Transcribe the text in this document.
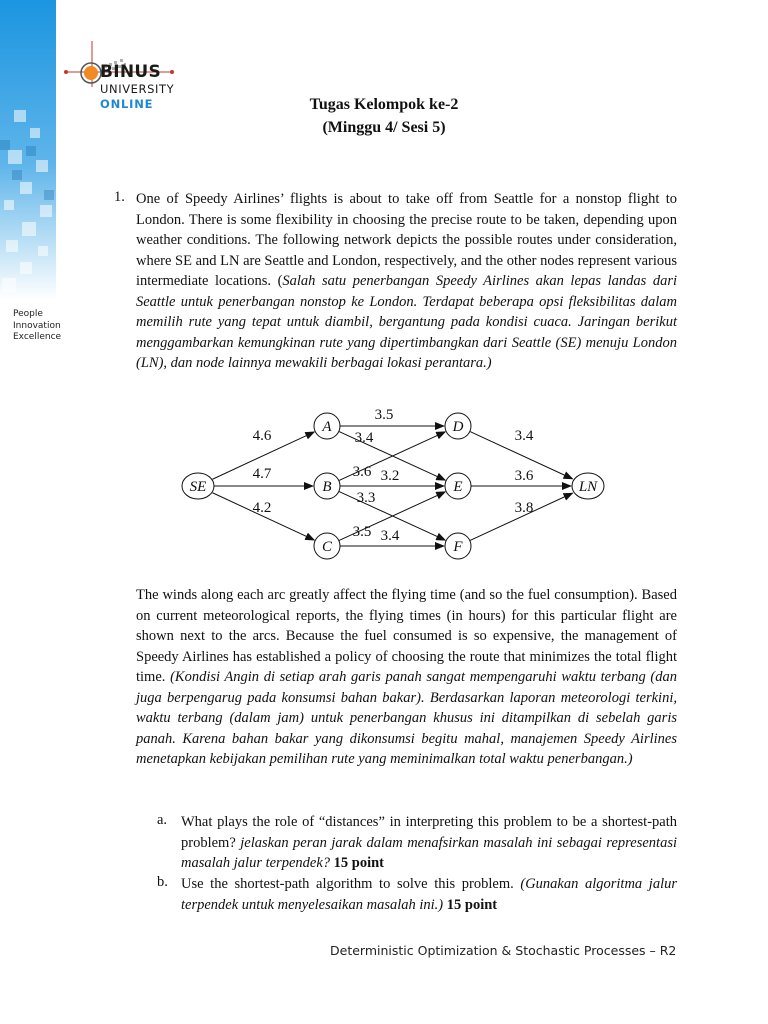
People
Innovation
Excellence
BINUS
UNIVERSITY
ONLINE	Tugas Kelompok ke-2
(Minggu 4/ Sesi 5)
1. One of Speedy Airlines’ flights is about to take off from Seattle for a nonstop flight to London. There is some flexibility in choosing the precise route to be taken, depending upon weather conditions. The following network depicts the possible routes under consideration, where SE and LN are Seattle and London, respectively, and the other nodes represent various intermediate locations. (Salah satu penerbangan Speedy Airlines akan lepas landas dari Seattle untuk penerbangan nonstop ke London. Terdapat beberapa opsi fleksibilitas dalam memilih rute yang tepat untuk diambil, bergantung pada kondisi cuaca. Jaringan berikut menggambarkan kemungkinan rute yang dipertimbangkan dari Seattle (SE) menuju London (LN), dan node lainnya mewakili berbagai lokasi perantara.)
4.6
4.7
4.2
3.5
3.4
3.6 3.2
3.3
3.5 3.4
3.4
3.6
3.8
SE
A
B
C
D
E
F
LN
The winds along each arc greatly affect the flying time (and so the fuel consumption). Based on current meteorological reports, the flying times (in hours) for this particular flight are shown next to the arcs. Because the fuel consumed is so expensive, the management of Speedy Airlines has established a policy of choosing the route that minimizes the total flight time. (Kondisi Angin di setiap arah garis panah sangat mempengaruhi waktu terbang (dan juga berpengarug pada konsumsi bahan bakar). Berdasarkan laporan meteorologi terkini, waktu terbang (dalam jam) untuk penerbangan khusus ini ditampilkan di sebelah garis panah. Karena bahan bakar yang dikonsumsi begitu mahal, manajemen Speedy Airlines menetapkan kebijakan pemilihan rute yang meminimalkan total waktu penerbangan.)
a. What plays the role of “distances” in interpreting this problem to be a shortest-path problem? jelaskan peran jarak dalam menafsirkan masalah ini sebagai representasi masalah jalur terpendek? 15 point
b. Use the shortest-path algorithm to solve this problem. (Gunakan algoritma jalur terpendek untuk menyelesaikan masalah ini.) 15 point
Deterministic Optimization & Stochastic Processes – R2
